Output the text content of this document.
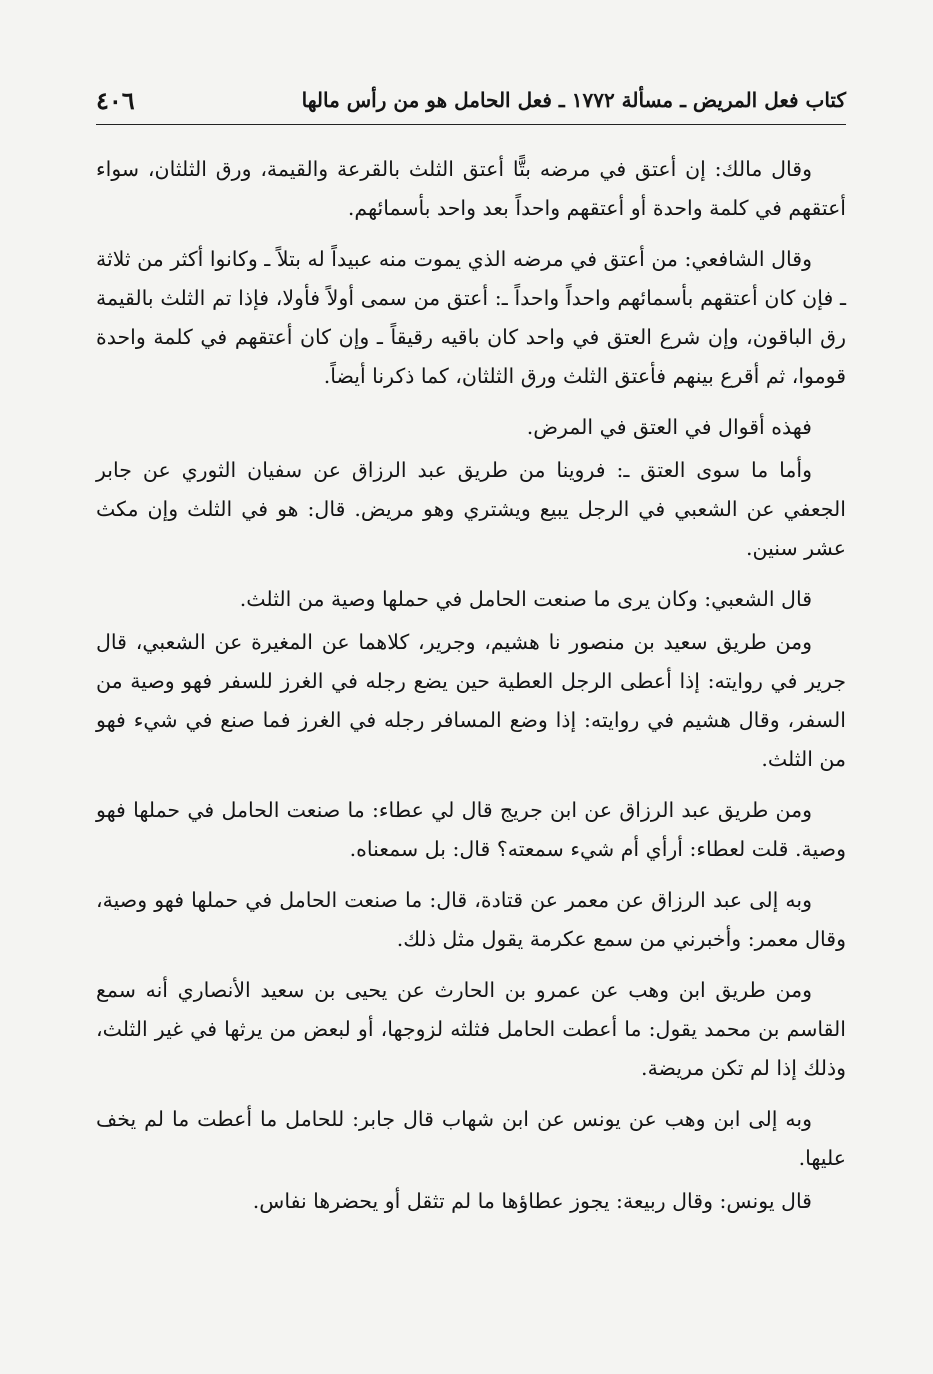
٤٠٦	كتاب فعل المريض ـ مسألة ١٧٧٢ ـ فعل الحامل هو من رأس مالها

وقال مالك: إن أعتق في مرضه بتًّا أعتق الثلث بالقرعة والقيمة، ورق الثلثان، سواء أعتقهم في كلمة واحدة أو أعتقهم واحداً بعد واحد بأسمائهم.

وقال الشافعي: من أعتق في مرضه الذي يموت منه عبيداً له بتلاً ـ وكانوا أكثر من ثلاثة ـ فإن كان أعتقهم بأسمائهم واحداً واحداً ـ: أعتق من سمى أولاً فأولا، فإذا تم الثلث بالقيمة رق الباقون، وإن شرع العتق في واحد كان باقيه رقيقاً ـ وإن كان أعتقهم في كلمة واحدة قوموا، ثم أقرع بينهم فأعتق الثلث ورق الثلثان، كما ذكرنا أيضاً.

فهذه أقوال في العتق في المرض.

وأما ما سوى العتق ـ: فروينا من طريق عبد الرزاق عن سفيان الثوري عن جابر الجعفي عن الشعبي في الرجل يبيع ويشتري وهو مريض. قال: هو في الثلث وإن مكث عشر سنين.

قال الشعبي: وكان يرى ما صنعت الحامل في حملها وصية من الثلث.

ومن طريق سعيد بن منصور نا هشيم، وجرير، كلاهما عن المغيرة عن الشعبي، قال جرير في روايته: إذا أعطى الرجل العطية حين يضع رجله في الغرز للسفر فهو وصية من السفر، وقال هشيم في روايته: إذا وضع المسافر رجله في الغرز فما صنع في شيء فهو من الثلث.

ومن طريق عبد الرزاق عن ابن جريج قال لي عطاء: ما صنعت الحامل في حملها فهو وصية. قلت لعطاء: أرأي أم شيء سمعته؟ قال: بل سمعناه.

وبه إلى عبد الرزاق عن معمر عن قتادة، قال: ما صنعت الحامل في حملها فهو وصية، وقال معمر: وأخبرني من سمع عكرمة يقول مثل ذلك.

ومن طريق ابن وهب عن عمرو بن الحارث عن يحيى بن سعيد الأنصاري أنه سمع القاسم بن محمد يقول: ما أعطت الحامل فثلثه لزوجها، أو لبعض من يرثها في غير الثلث، وذلك إذا لم تكن مريضة.

وبه إلى ابن وهب عن يونس عن ابن شهاب قال جابر: للحامل ما أعطت ما لم يخف عليها.

قال يونس: وقال ربيعة: يجوز عطاؤها ما لم تثقل أو يحضرها نفاس.
